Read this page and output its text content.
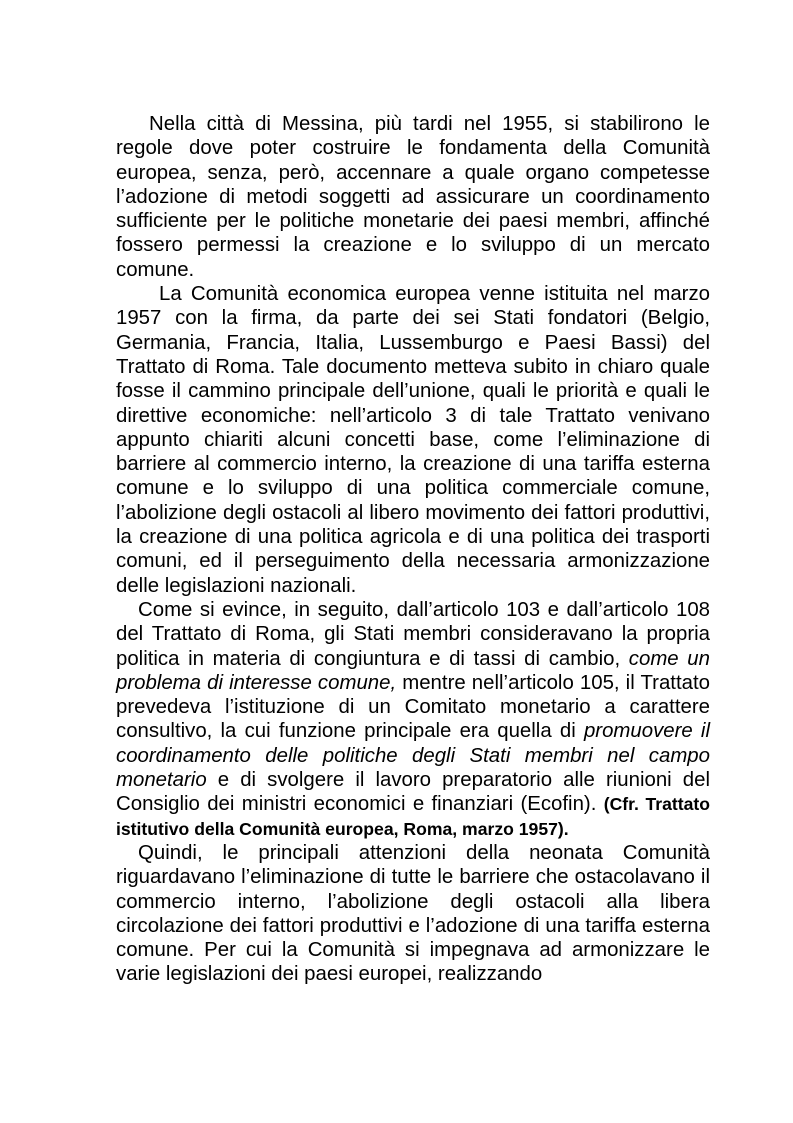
Nella città di Messina, più tardi nel 1955, si stabilirono le regole dove poter costruire le fondamenta della Comunità europea, senza, però, accennare a quale organo competesse l’adozione di metodi soggetti ad assicurare un coordinamento sufficiente per le politiche monetarie dei paesi membri, affinché fossero permessi la creazione e lo sviluppo di un mercato comune.

La Comunità economica europea venne istituita nel marzo 1957 con la firma, da parte dei sei Stati fondatori (Belgio, Germania, Francia, Italia, Lussemburgo e Paesi Bassi) del Trattato di Roma. Tale documento metteva subito in chiaro quale fosse il cammino principale dell’unione, quali le priorità e quali le direttive economiche: nell’articolo 3 di tale Trattato venivano appunto chiariti alcuni concetti base, come l’eliminazione di barriere al commercio interno, la creazione di una tariffa esterna comune e lo sviluppo di una politica commerciale comune, l’abolizione degli ostacoli al libero movimento dei fattori produttivi, la creazione di una politica agricola e di una politica dei trasporti comuni, ed il perseguimento della necessaria armonizzazione delle legislazioni nazionali.

Come si evince, in seguito, dall’articolo 103 e dall’articolo 108 del Trattato di Roma, gli Stati membri consideravano la propria politica in materia di congiuntura e di tassi di cambio, come un problema di interesse comune, mentre nell’articolo 105, il Trattato prevedeva l’istituzione di un Comitato monetario a carattere consultivo, la cui funzione principale era quella di promuovere il coordinamento delle politiche degli Stati membri nel campo monetario e di svolgere il lavoro preparatorio alle riunioni del Consiglio dei ministri economici e finanziari (Ecofin). (Cfr. Trattato istitutivo della Comunità europea, Roma, marzo 1957).

Quindi, le principali attenzioni della neonata Comunità riguardavano l’eliminazione di tutte le barriere che ostacolavano il commercio interno, l’abolizione degli ostacoli alla libera circolazione dei fattori produttivi e l’adozione di una tariffa esterna comune. Per cui la Comunità si impegnava ad armonizzare le varie legislazioni dei paesi europei, realizzando
